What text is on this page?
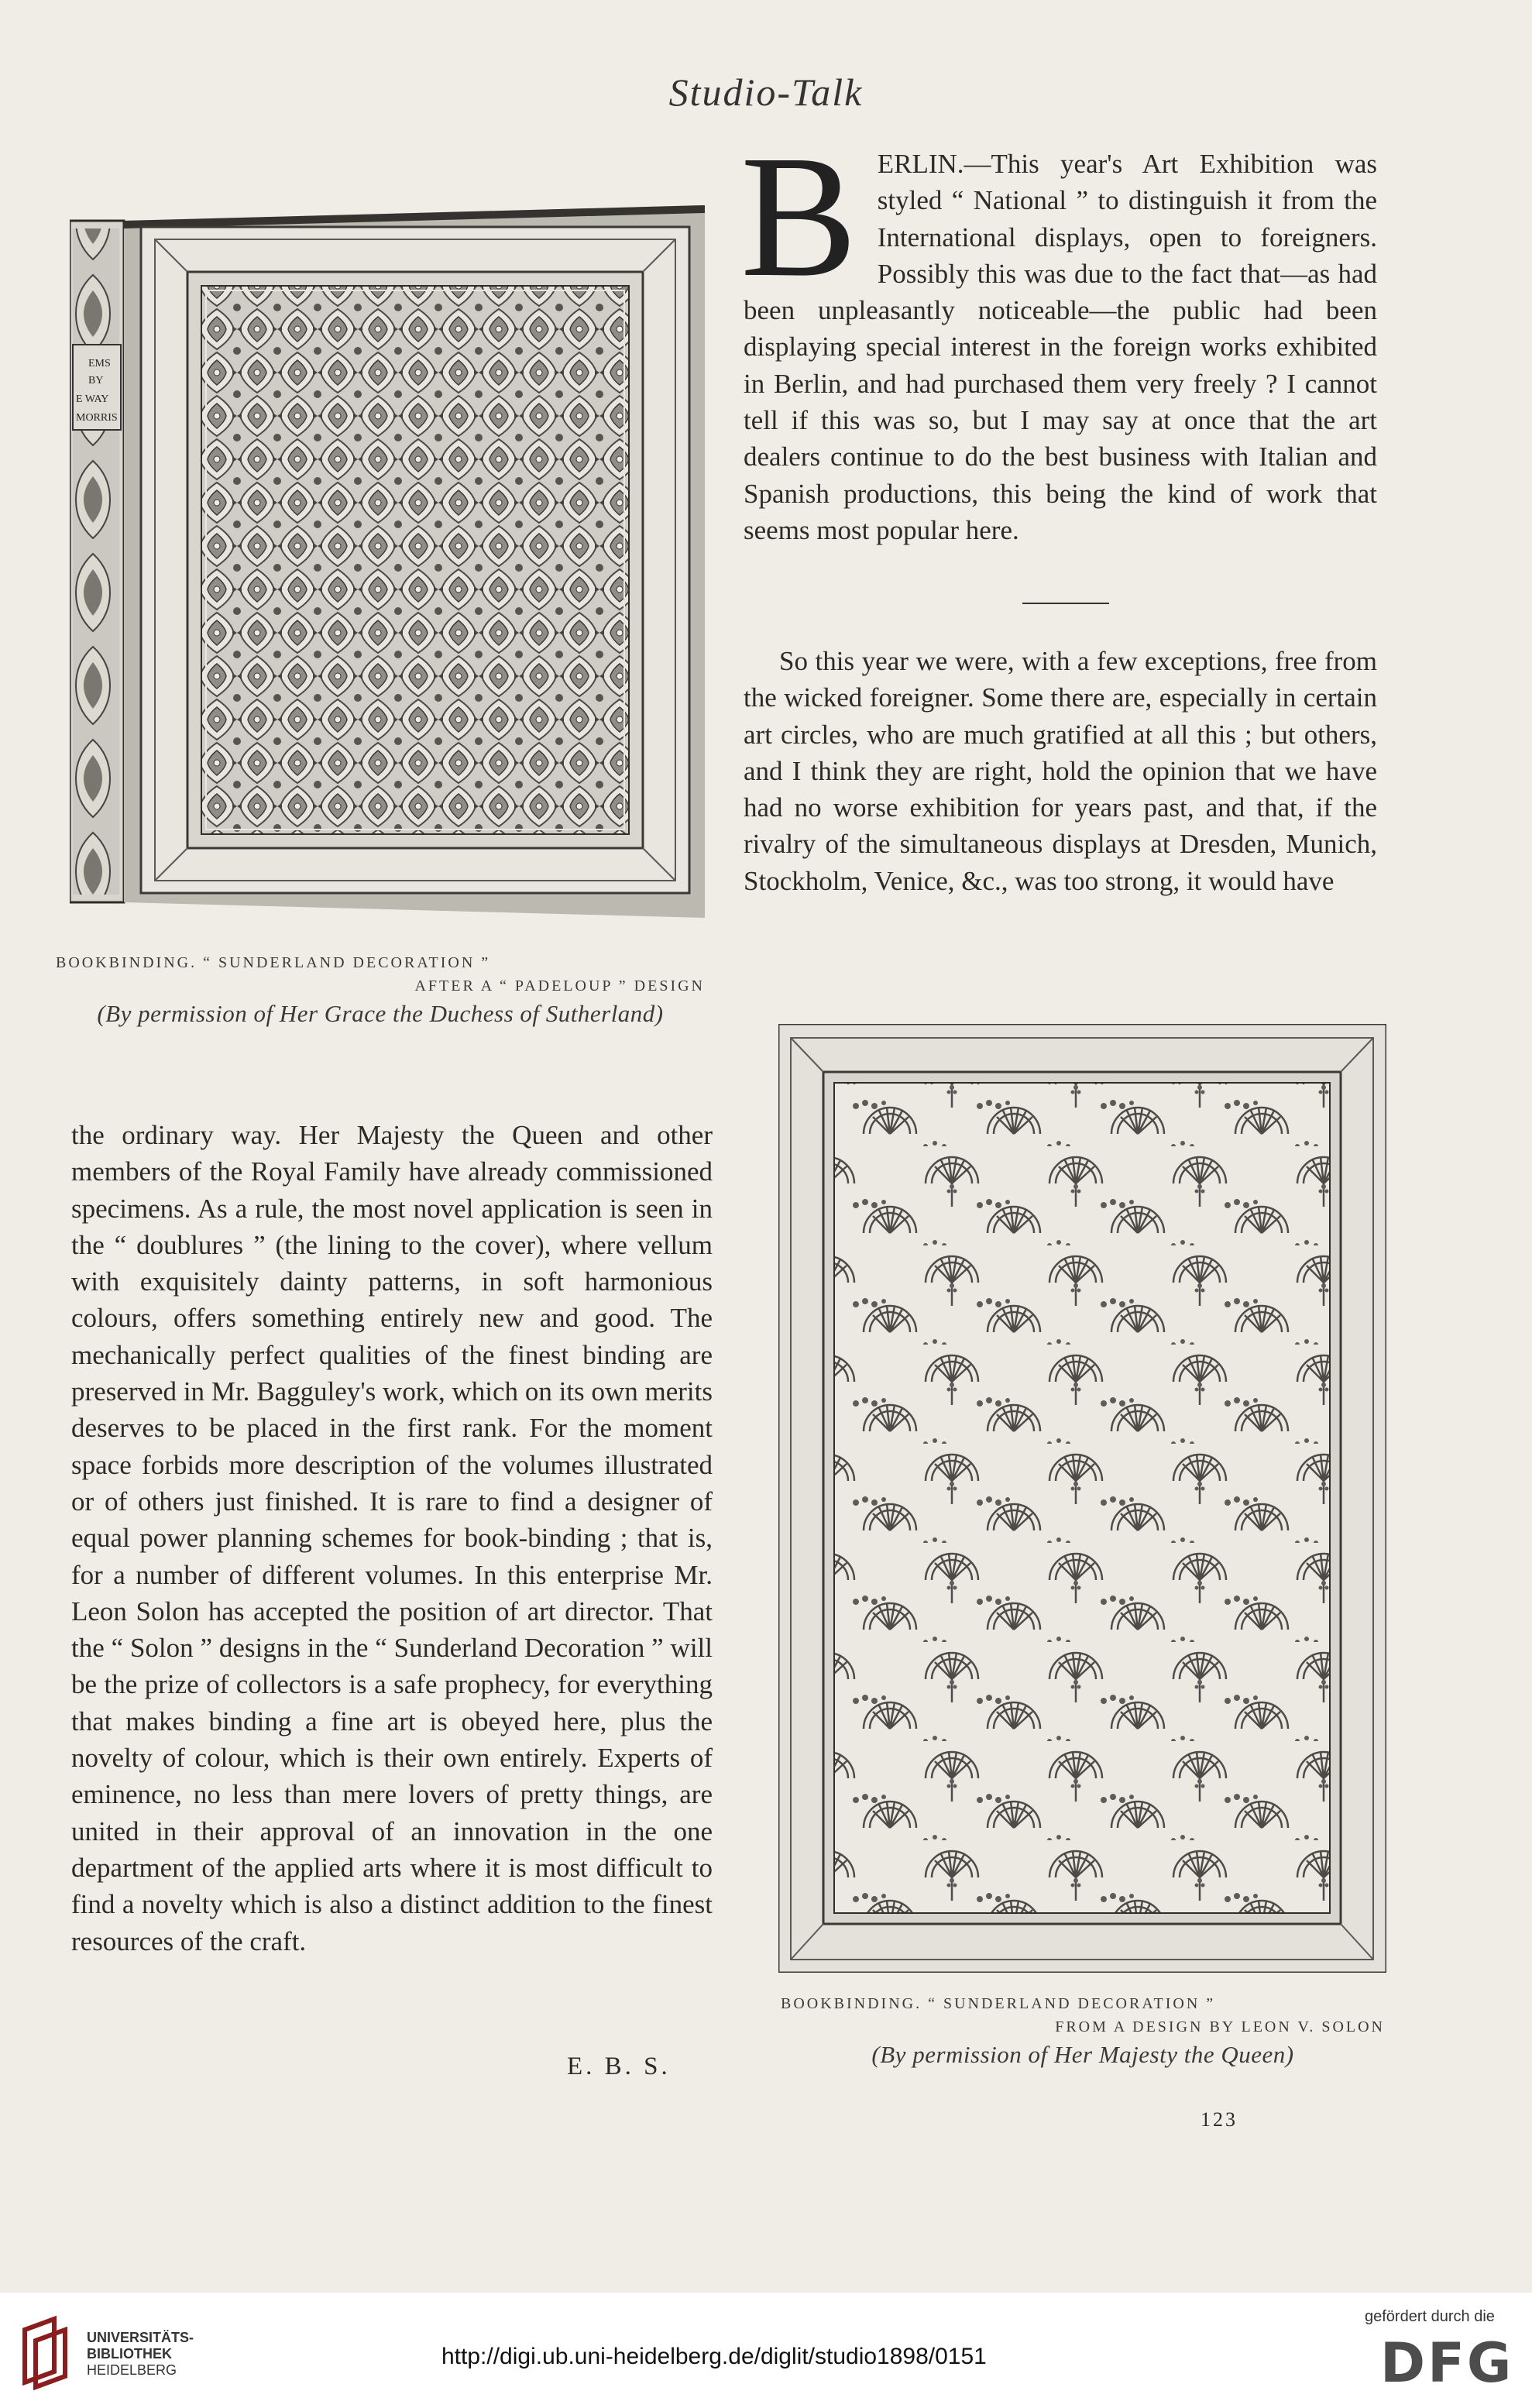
Studio-Talk
EMS
BY
E WAY
MORRIS
BOOKBINDING. “ SUNDERLAND DECORATION ”
AFTER A “ PADELOUP ” DESIGN
(By permission of Her Grace the Duchess of Sutherland)

BERLIN.—This year's Art Exhibition was styled “ National ” to distinguish it from the International displays, open to foreigners. Possibly this was due to the fact that—as had been unpleasantly noticeable—the public had been displaying special interest in the foreign works exhibited in Berlin, and had purchased them very freely ? I cannot tell if this was so, but I may say at once that the art dealers continue to do the best business with Italian and Spanish productions, this being the kind of work that seems most popular here.

So this year we were, with a few exceptions, free from the wicked foreigner. Some there are, especially in certain art circles, who are much gratified at all this ; but others, and I think they are right, hold the opinion that we have had no worse exhibition for years past, and that, if the rivalry of the simultaneous displays at Dresden, Munich, Stockholm, Venice, &c., was too strong, it would have

BOOKBINDING. “ SUNDERLAND DECORATION ”
FROM A DESIGN BY LEON V. SOLON
(By permission of Her Majesty the Queen)

the ordinary way. Her Majesty the Queen and other members of the Royal Family have already commissioned specimens. As a rule, the most novel application is seen in the “ doublures ” (the lining to the cover), where vellum with exquisitely dainty patterns, in soft harmonious colours, offers something entirely new and good. The mechanically perfect qualities of the finest binding are preserved in Mr. Bagguley's work, which on its own merits deserves to be placed in the first rank. For the moment space forbids more description of the volumes illustrated or of others just finished. It is rare to find a designer of equal power planning schemes for book-binding ; that is, for a number of different volumes. In this enterprise Mr. Leon Solon has accepted the position of art director. That the “ Solon ” designs in the “ Sunderland Decoration ” will be the prize of collectors is a safe prophecy, for everything that makes binding a fine art is obeyed here, plus the novelty of colour, which is their own entirely. Experts of eminence, no less than mere lovers of pretty things, are united in their approval of an innovation in the one department of the applied arts where it is most difficult to find a novelty which is also a distinct addition to the finest resources of the craft.

E. B. S.
123
UNIVERSITÄTS-
BIBLIOTHEK
HEIDELBERG
http://digi.ub.uni-heidelberg.de/diglit/studio1898/0151
gefördert durch die
DFG
